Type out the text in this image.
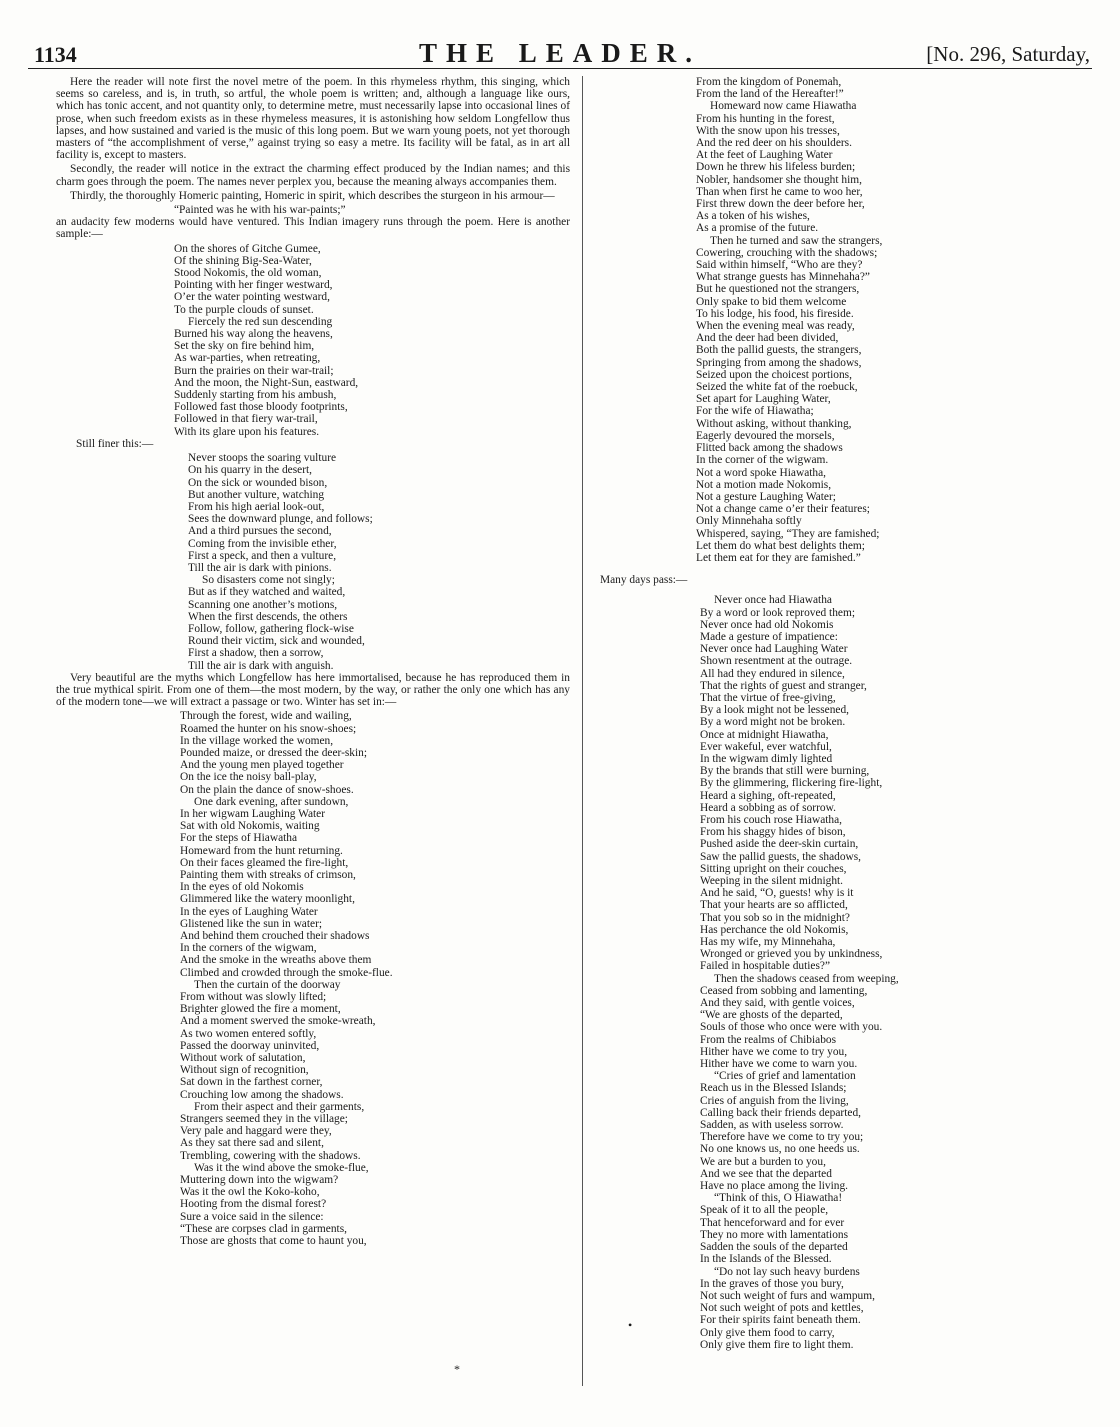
1134	THE LEADER.	[No. 296, Saturday,

Here the reader will note first the novel metre of the poem. In this rhymeless rhythm, this singing, which seems so careless, and is, in truth, so artful, the whole poem is written; and, although a language like ours, which has tonic accent, and not quantity only, to determine metre, must necessarily lapse into occasional lines of prose, when such freedom exists as in these rhymeless measures, it is astonishing how seldom Longfellow thus lapses, and how sustained and varied is the music of this long poem. But we warn young poets, not yet thorough masters of “the accomplishment of verse,” against trying so easy a metre. Its facility will be fatal, as in art all facility is, except to masters.

Secondly, the reader will notice in the extract the charming effect produced by the Indian names; and this charm goes through the poem. The names never perplex you, because the meaning always accompanies them.

Thirdly, the thoroughly Homeric painting, Homeric in spirit, which describes the sturgeon in his armour—

“Painted was he with his war-paints;”

an audacity few moderns would have ventured. This Indian imagery runs through the poem. Here is another sample:—

On the shores of Gitche Gumee,
Of the shining Big-Sea-Water,
Stood Nokomis, the old woman,
Pointing with her finger westward,
O’er the water pointing westward,
To the purple clouds of sunset.
Fiercely the red sun descending
Burned his way along the heavens,
Set the sky on fire behind him,
As war-parties, when retreating,
Burn the prairies on their war-trail;
And the moon, the Night-Sun, eastward,
Suddenly starting from his ambush,
Followed fast those bloody footprints,
Followed in that fiery war-trail,
With its glare upon his features.

Still finer this:—

Never stoops the soaring vulture
On his quarry in the desert,
On the sick or wounded bison,
But another vulture, watching
From his high aerial look-out,
Sees the downward plunge, and follows;
And a third pursues the second,
Coming from the invisible ether,
First a speck, and then a vulture,
Till the air is dark with pinions.
So disasters come not singly;
But as if they watched and waited,
Scanning one another’s motions,
When the first descends, the others
Follow, follow, gathering flock-wise
Round their victim, sick and wounded,
First a shadow, then a sorrow,
Till the air is dark with anguish.

Very beautiful are the myths which Longfellow has here immortalised, because he has reproduced them in the true mythical spirit. From one of them—the most modern, by the way, or rather the only one which has any of the modern tone—we will extract a passage or two. Winter has set in:—

Through the forest, wide and wailing,
Roamed the hunter on his snow-shoes;
In the village worked the women,
Pounded maize, or dressed the deer-skin;
And the young men played together
On the ice the noisy ball-play,
On the plain the dance of snow-shoes.
One dark evening, after sundown,
In her wigwam Laughing Water
Sat with old Nokomis, waiting
For the steps of Hiawatha
Homeward from the hunt returning.
On their faces gleamed the fire-light,
Painting them with streaks of crimson,
In the eyes of old Nokomis
Glimmered like the watery moonlight,
In the eyes of Laughing Water
Glistened like the sun in water;
And behind them crouched their shadows
In the corners of the wigwam,
And the smoke in the wreaths above them
Climbed and crowded through the smoke-flue.
Then the curtain of the doorway
From without was slowly lifted;
Brighter glowed the fire a moment,
And a moment swerved the smoke-wreath,
As two women entered softly,
Passed the doorway uninvited,
Without work of salutation,
Without sign of recognition,
Sat down in the farthest corner,
Crouching low among the shadows.
From their aspect and their garments,
Strangers seemed they in the village;
Very pale and haggard were they,
As they sat there sad and silent,
Trembling, cowering with the shadows.
Was it the wind above the smoke-flue,
Muttering down into the wigwam?
Was it the owl the Koko-koho,
Hooting from the dismal forest?
Sure a voice said in the silence:
“These are corpses clad in garments,
Those are ghosts that come to haunt you,
From the kingdom of Ponemah,
From the land of the Hereafter!”
Homeward now came Hiawatha
From his hunting in the forest,
With the snow upon his tresses,
And the red deer on his shoulders.
At the feet of Laughing Water
Down he threw his lifeless burden;
Nobler, handsomer she thought him,
Than when first he came to woo her,
First threw down the deer before her,
As a token of his wishes,
As a promise of the future.
Then he turned and saw the strangers,
Cowering, crouching with the shadows;
Said within himself, “Who are they?
What strange guests has Minnehaha?”
But he questioned not the strangers,
Only spake to bid them welcome
To his lodge, his food, his fireside.
When the evening meal was ready,
And the deer had been divided,
Both the pallid guests, the strangers,
Springing from among the shadows,
Seized upon the choicest portions,
Seized the white fat of the roebuck,
Set apart for Laughing Water,
For the wife of Hiawatha;
Without asking, without thanking,
Eagerly devoured the morsels,
Flitted back among the shadows
In the corner of the wigwam.
Not a word spoke Hiawatha,
Not a motion made Nokomis,
Not a gesture Laughing Water;
Not a change came o’er their features;
Only Minnehaha softly
Whispered, saying, “They are famished;
Let them do what best delights them;
Let them eat for they are famished.”

Many days pass:—

Never once had Hiawatha
By a word or look reproved them;
Never once had old Nokomis
Made a gesture of impatience:
Never once had Laughing Water
Shown resentment at the outrage.
All had they endured in silence,
That the rights of guest and stranger,
That the virtue of free-giving,
By a look might not be lessened,
By a word might not be broken.
Once at midnight Hiawatha,
Ever wakeful, ever watchful,
In the wigwam dimly lighted
By the brands that still were burning,
By the glimmering, flickering fire-light,
Heard a sighing, oft-repeated,
Heard a sobbing as of sorrow.
From his couch rose Hiawatha,
From his shaggy hides of bison,
Pushed aside the deer-skin curtain,
Saw the pallid guests, the shadows,
Sitting upright on their couches,
Weeping in the silent midnight.
And he said, “O, guests! why is it
That your hearts are so afflicted,
That you sob so in the midnight?
Has perchance the old Nokomis,
Has my wife, my Minnehaha,
Wronged or grieved you by unkindness,
Failed in hospitable duties?”
Then the shadows ceased from weeping,
Ceased from sobbing and lamenting,
And they said, with gentle voices,
“We are ghosts of the departed,
Souls of those who once were with you.
From the realms of Chibiabos
Hither have we come to try you,
Hither have we come to warn you.
“Cries of grief and lamentation
Reach us in the Blessed Islands;
Cries of anguish from the living,
Calling back their friends departed,
Sadden, as with useless sorrow.
Therefore have we come to try you;
No one knows us, no one heeds us.
We are but a burden to you,
And we see that the departed
Have no place among the living.
“Think of this, O Hiawatha!
Speak of it to all the people,
That henceforward and for ever
They no more with lamentations
Sadden the souls of the departed
In the Islands of the Blessed.
“Do not lay such heavy burdens
In the graves of those you bury,
Not such weight of furs and wampum,
Not such weight of pots and kettles,
For their spirits faint beneath them.
Only give them food to carry,
Only give them fire to light them.
*
•
